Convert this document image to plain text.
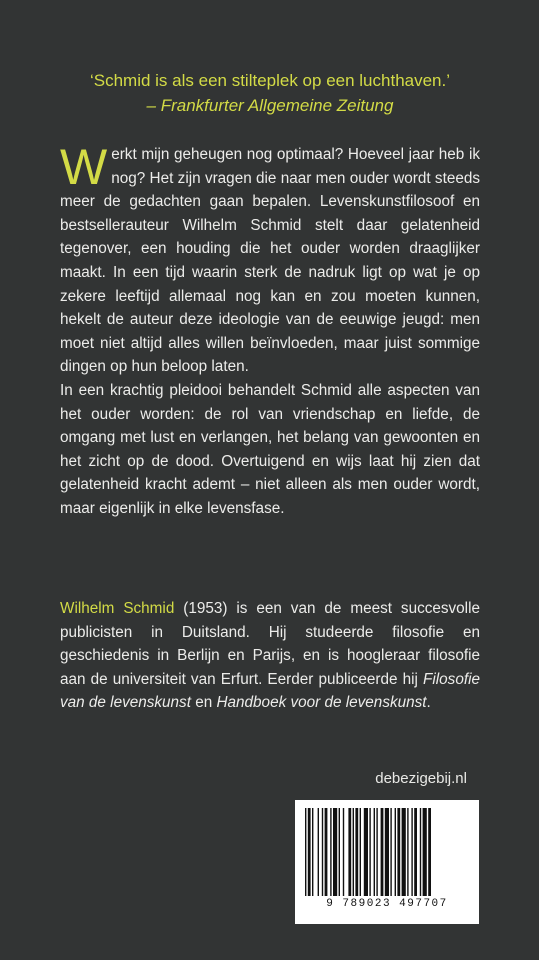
‘Schmid is als een stilteplek op een luchthaven.’
– Frankfurter Allgemeine Zeitung

Werkt mijn geheugen nog optimaal? Hoeveel jaar heb ik nog? Het zijn vragen die naar men ouder wordt steeds meer de gedachten gaan bepalen. Levenskunstfilosoof en bestsellerauteur Wilhelm Schmid stelt daar gelatenheid tegenover, een houding die het ouder worden draaglijker maakt. In een tijd waarin sterk de nadruk ligt op wat je op zekere leeftijd allemaal nog kan en zou moeten kunnen, hekelt de auteur deze ideologie van de eeuwige jeugd: men moet niet altijd alles willen beïnvloeden, maar juist sommige dingen op hun beloop laten.

In een krachtig pleidooi behandelt Schmid alle aspecten van het ouder worden: de rol van vriendschap en liefde, de omgang met lust en verlangen, het belang van gewoonten en het zicht op de dood. Overtuigend en wijs laat hij zien dat gelatenheid kracht ademt – niet alleen als men ouder wordt, maar eigenlijk in elke levensfase.

Wilhelm Schmid (1953) is een van de meest succesvolle publicisten in Duitsland. Hij studeerde filosofie en geschiedenis in Berlijn en Parijs, en is hoogleraar filosofie aan de universiteit van Erfurt. Eerder publiceerde hij Filosofie van de levenskunst en Handboek voor de levenskunst.

debezigebij.nl
9 789023 497707
